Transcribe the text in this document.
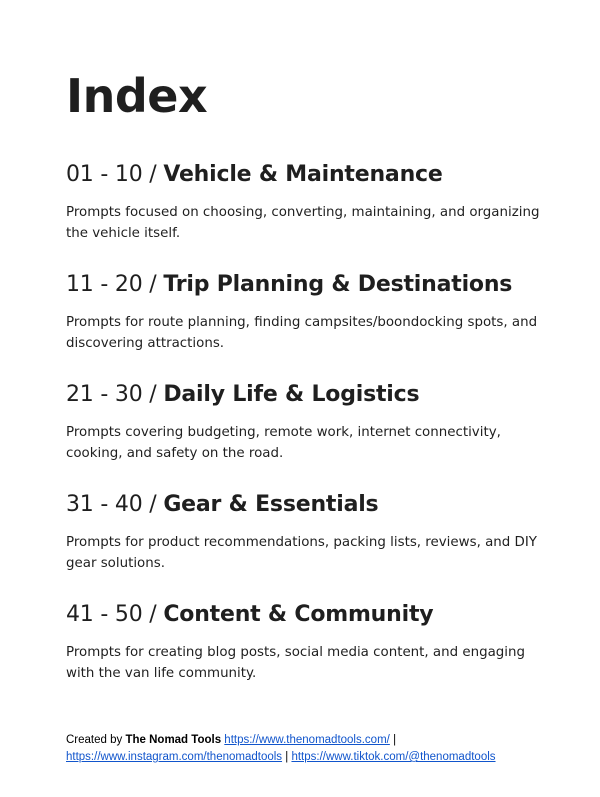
Index
01 - 10 / Vehicle & Maintenance

Prompts focused on choosing, converting, maintaining, and organizing the vehicle itself.

11 - 20 / Trip Planning & Destinations

Prompts for route planning, finding campsites/boondocking spots, and discovering attractions.

21 - 30 / Daily Life & Logistics

Prompts covering budgeting, remote work, internet connectivity, cooking, and safety on the road.

31 - 40 / Gear & Essentials

Prompts for product recommendations, packing lists, reviews, and DIY gear solutions.

41 - 50 / Content & Community

Prompts for creating blog posts, social media content, and engaging with the van life community.

Created by The Nomad Tools https://www.thenomadtools.com/ |
https://www.instagram.com/thenomadtools | https://www.tiktok.com/@thenomadtools
